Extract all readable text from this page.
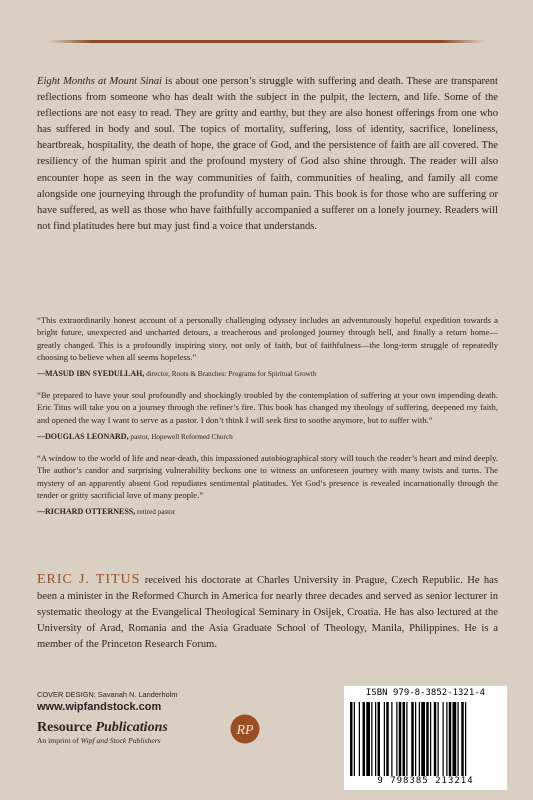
Eight Months at Mount Sinai is about one person’s struggle with suffering and death. These are transparent reflections from someone who has dealt with the subject in the pulpit, the lectern, and life. Some of the reflections are not easy to read. They are gritty and earthy, but they are also honest offerings from one who has suffered in body and soul. The topics of mortality, suffering, loss of identity, sacrifice, loneliness, heartbreak, hospitality, the death of hope, the grace of God, and the persistence of faith are all covered. The resiliency of the human spirit and the profound mystery of God also shine through. The reader will also encounter hope as seen in the way communities of faith, communities of healing, and family all come alongside one journeying through the profundity of human pain. This book is for those who are suffering or have suffered, as well as those who have faithfully accompanied a sufferer on a lonely journey. Readers will not find platitudes here but may just find a voice that understands.

“This extraordinarily honest account of a personally challenging odyssey includes an adventurously hopeful expedition towards a bright future, unexpected and uncharted detours, a treacherous and prolonged journey through hell, and finally a return home—greatly changed. This is a profoundly inspiring story, not only of faith, but of faithfulness—the long-term struggle of repeatedly choosing to believe when all seems hopeless.”

—MASUD IBN SYEDULLAH, director, Roots & Branches: Programs for Spiritual Growth

“Be prepared to have your soul profoundly and shockingly troubled by the contemplation of suffering at your own impending death. Eric Titus will take you on a journey through the refiner’s fire. This book has changed my theology of suffering, deepened my faith, and opened the way I want to serve as a pastor. I don’t think I will seek first to soothe anymore, but to suffer with.”

—DOUGLAS LEONARD, pastor, Hopewell Reformed Church

“A window to the world of life and near-death, this impassioned autobiographical story will touch the reader’s heart and mind deeply. The author’s candor and surprising vulnerability beckons one to witness an unforeseen journey with many twists and turns. The mystery of an apparently absent God repudiates sentimental platitudes. Yet God’s presence is revealed incarnationally through the tender or gritty sacrificial love of many people.”

—RICHARD OTTERNESS, retired pastor

ERIC J. TITUS received his doctorate at Charles University in Prague, Czech Republic. He has been a minister in the Reformed Church in America for nearly three decades and served as senior lecturer in systematic theology at the Evangelical Theological Seminary in Osijek, Croatia. He has also lectured at the University of Arad, Romania and the Asia Graduate School of Theology, Manila, Philippines. He is a member of the Princeton Research Forum.

COVER DESIGN: Savanah N. Landerholm
www.wipfandstock.com
Resource Publications
An imprint of Wipf and Stock Publishers
RP
ISBN 979-8-3852-1321-4
9 798385 213214
